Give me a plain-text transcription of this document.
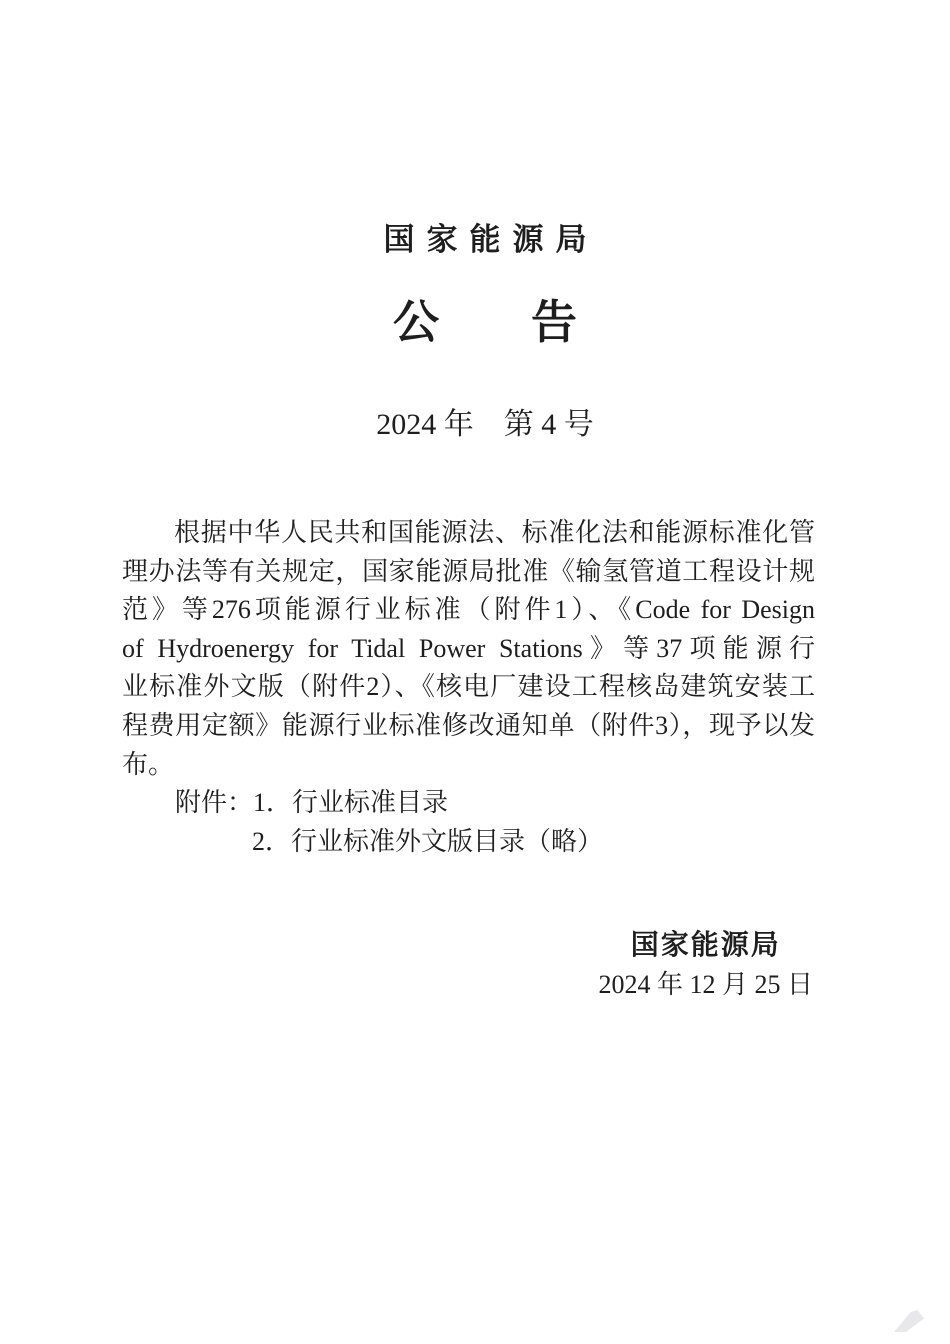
国家能源局
公　　告
2024 年　第 4 号
根据中华人民共和国能源法、标准化法和能源标准化管
理办法等有关规定，国家能源局批准《输氢管道工程设计规
范》等276项能源行业标准（附件1）、《Code for Design
of Hydroenergy for Tidal Power Stations》等37项能源行
业标准外文版（附件2）、《核电厂建设工程核岛建筑安装工
程费用定额》能源行业标准修改通知单（附件3），现予以发
布。
附件：1．行业标准目录
2．行业标准外文版目录（略）
国家能源局
2024 年 12 月 25 日
